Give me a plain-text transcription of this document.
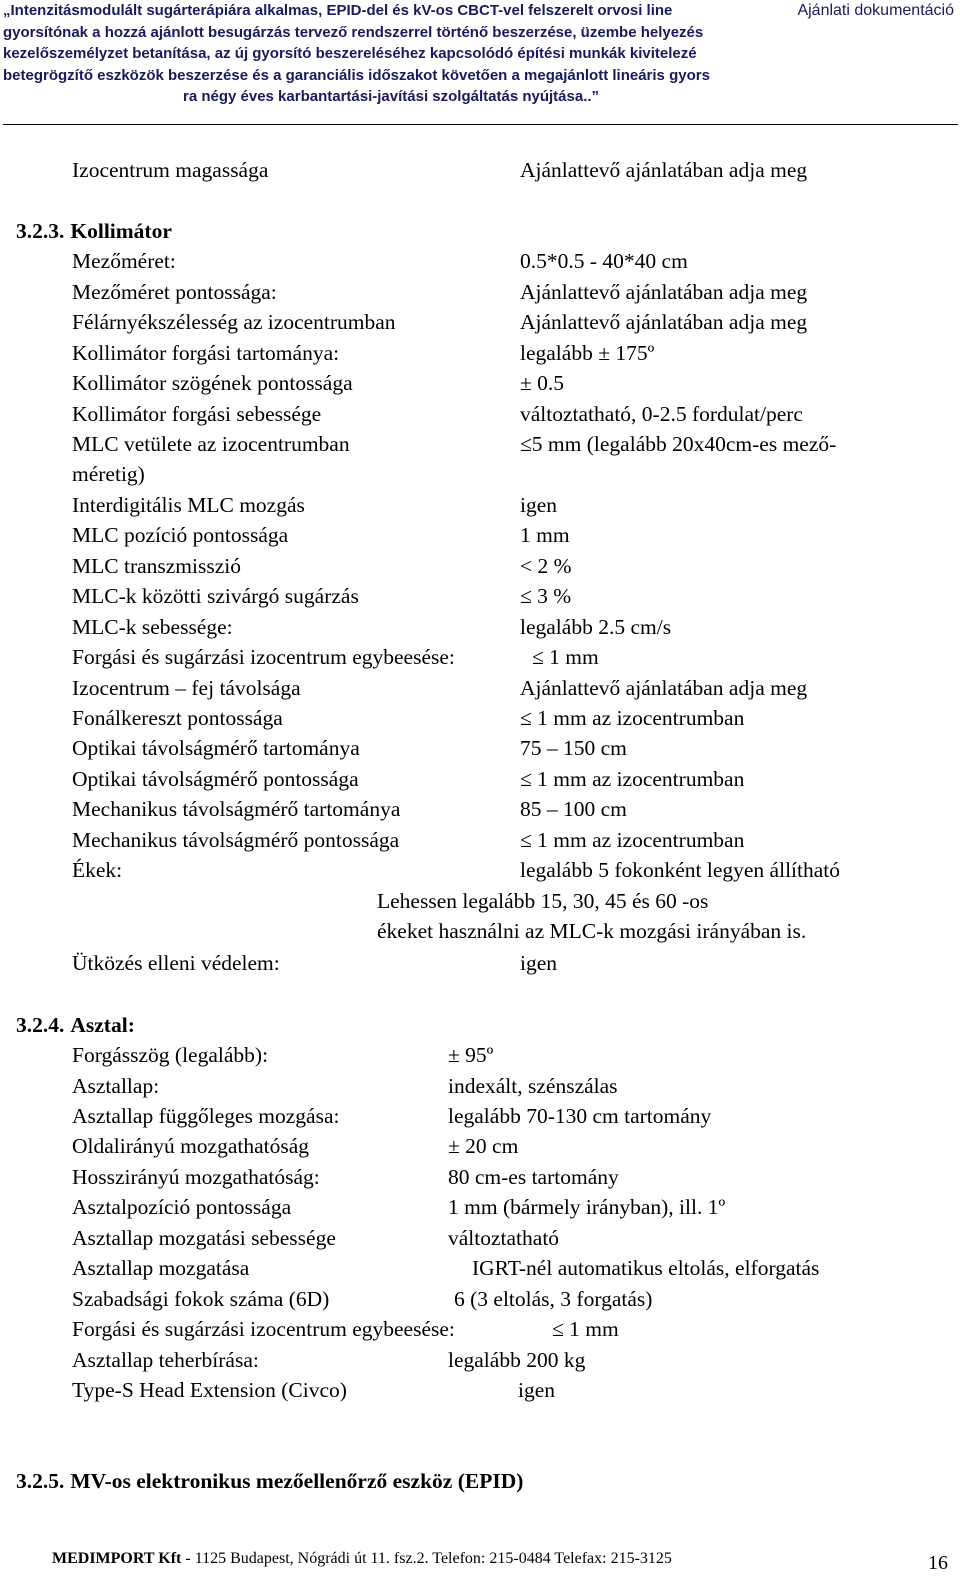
„Intenzitásmodulált sugárterápiára alkalmas, EPID-del és kV-os CBCT-vel felszerelt orvosi line
gyorsítónak a hozzá ajánlott besugárzás tervező rendszerrel történő beszerzése, üzembe helyezés
kezelőszemélyzet betanítása, az új gyorsító beszereléséhez kapcsolódó építési munkák kivitelezé
betegrögzítő eszközök beszerzése és a garanciális időszakot követően a megajánlott lineáris gyors
ra négy éves karbantartási-javítási szolgáltatás nyújtása..”
Ajánlati dokumentáció
Izocentrum magassága	Ajánlattevő ajánlatában adja meg
3.2.3. Kollimátor
Mezőméret:	0.5*0.5 - 40*40 cm
Mezőméret pontossága:	Ajánlattevő ajánlatában adja meg
Félárnyékszélesség az izocentrumban	Ajánlattevő ajánlatában adja meg
Kollimátor forgási tartománya:	legalább ± 175º
Kollimátor szögének pontossága	± 0.5
Kollimátor forgási sebessége	változtatható, 0-2.5 fordulat/perc
MLC vetülete az izocentrumban	≤5 mm (legalább 20x40cm-es mező-
méretig)
Interdigitális MLC mozgás	igen
MLC pozíció pontossága	1 mm
MLC transzmisszió	< 2 %
MLC-k közötti szivárgó sugárzás	≤ 3 %
MLC-k sebessége:	legalább 2.5 cm/s
Forgási és sugárzási izocentrum egybeesése:	≤ 1 mm
Izocentrum – fej távolsága	Ajánlattevő ajánlatában adja meg
Fonálkereszt pontossága	≤ 1 mm az izocentrumban
Optikai távolságmérő tartománya	75 – 150 cm
Optikai távolságmérő pontossága	≤ 1 mm az izocentrumban
Mechanikus távolságmérő tartománya	85 – 100 cm
Mechanikus távolságmérő pontossága	≤ 1 mm az izocentrumban
Ékek:	legalább 5 fokonként legyen állítható
Lehessen legalább 15, 30, 45 és 60 -os
ékeket használni az MLC-k mozgási irányában is.
Ütközés elleni védelem:	igen
3.2.4. Asztal:
Forgásszög (legalább):	± 95º
Asztallap:	indexált, szénszálas
Asztallap függőleges mozgása:	legalább 70-130 cm tartomány
Oldalirányú mozgathatóság	± 20 cm
Hosszirányú mozgathatóság:	80 cm-es tartomány
Asztalpozíció pontossága	1 mm (bármely irányban), ill. 1º
Asztallap mozgatási sebessége	változtatható
Asztallap mozgatása	IGRT-nél automatikus eltolás, elforgatás
Szabadsági fokok száma (6D)	6 (3 eltolás, 3 forgatás)
Forgási és sugárzási izocentrum egybeesése:	≤ 1 mm
Asztallap teherbírása:	legalább 200 kg
Type-S Head Extension (Civco)	igen
3.2.5. MV-os elektronikus mezőellenőrző eszköz (EPID)
MEDIMPORT Kft - 1125 Budapest, Nógrádi út 11. fsz.2. Telefon: 215-0484 Telefax: 215-3125	16
